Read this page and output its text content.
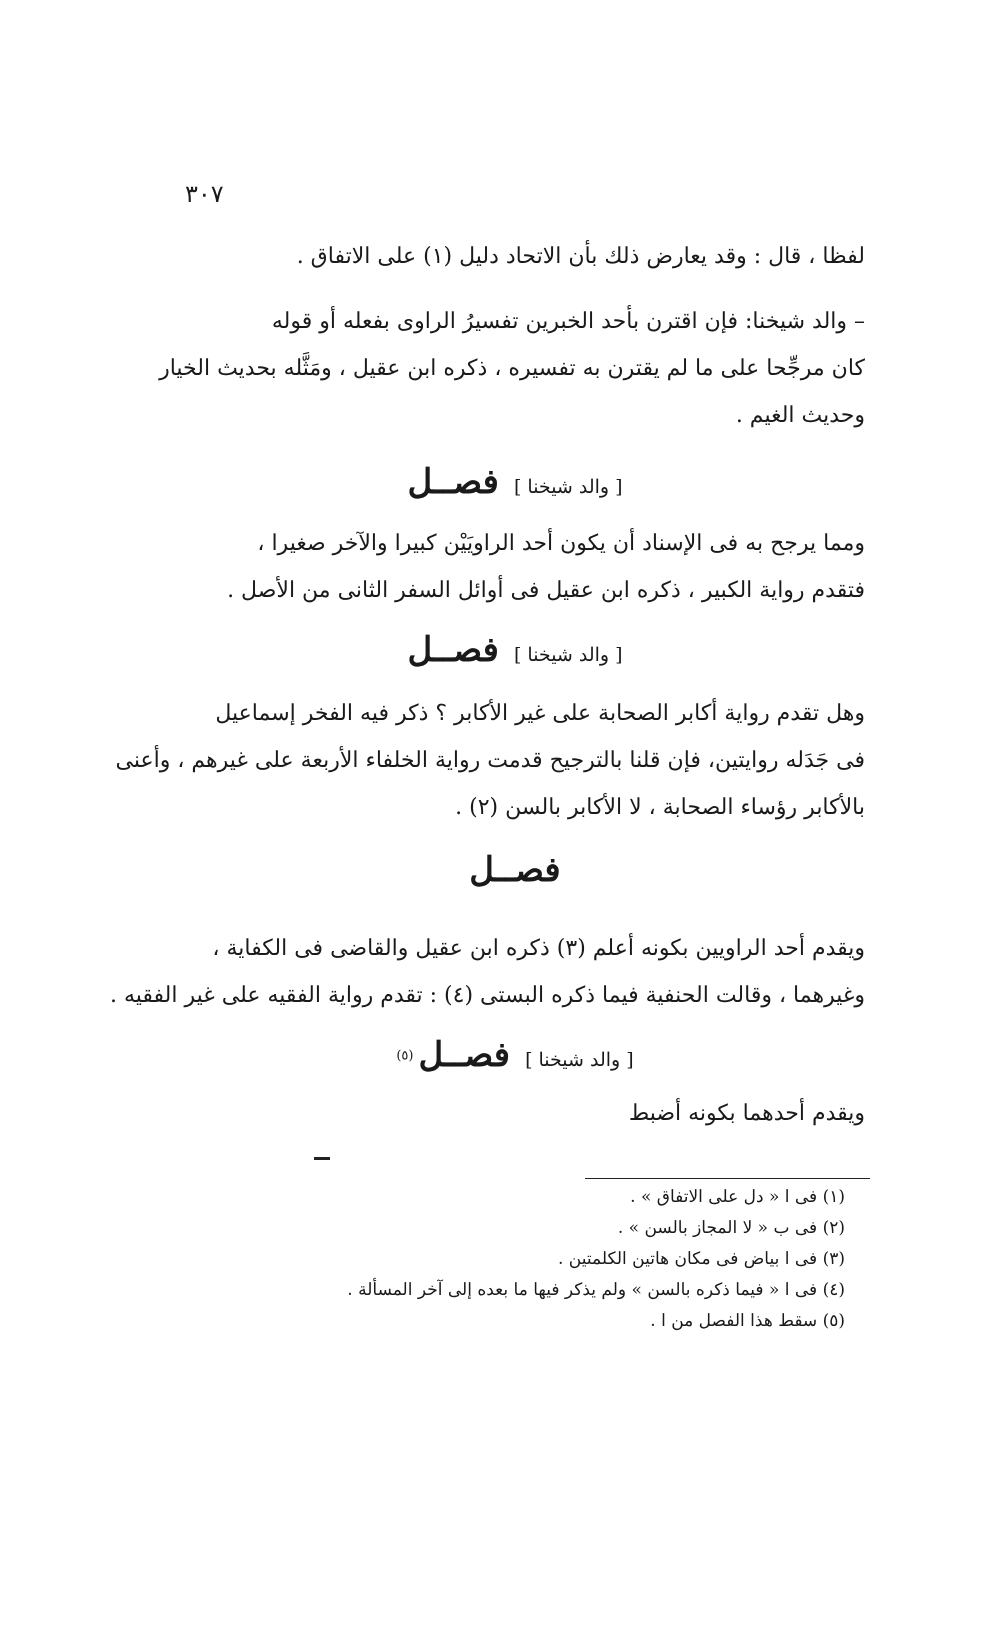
٣٠٧
لفظا ، قال : وقد يعارض ذلك بأن الاتحاد دليل (١) على الاتفاق .
– والد شيخنا: فإن اقترن بأحد الخبرين تفسيرُ الراوى بفعله أو قوله
كان مرجِّحا على ما لم يقترن به تفسيره ، ذكره ابن عقيل ، ومَثَّله بحديث الخيار
وحديث الغيم .
[ والد شيخنا ] فصــل
ومما يرجح به فى الإسناد أن يكون أحد الراويَيْن كبيرا والآخر صغيرا ،
فتقدم رواية الكبير ، ذكره ابن عقيل فى أوائل السفر الثانى من الأصل .
[ والد شيخنا ] فصــل
وهل تقدم رواية أكابر الصحابة على غير الأكابر ؟ ذكر فيه الفخر إسماعيل
فى جَدَله روايتين، فإن قلنا بالترجيح قدمت رواية الخلفاء الأربعة على غيرهم ، وأعنى
بالأكابر رؤساء الصحابة ، لا الأكابر بالسن (٢) .
فصــل
ويقدم أحد الراويين بكونه أعلم (٣) ذكره ابن عقيل والقاضى فى الكفاية ،
وغيرهما ، وقالت الحنفية فيما ذكره البستى (٤) : تقدم رواية الفقيه على غير الفقيه .
[ والد شيخنا ] فصــل $^{(٥)}$
ويقدم أحدهما بكونه أضبط
(١) فى ا « دل على الاتفاق » .
(٢) فى ب « لا المجاز بالسن » .
(٣) فى ا بياض فى مكان هاتين الكلمتين .
(٤) فى ا « فيما ذكره بالسن » ولم يذكر فيها ما بعده إلى آخر المسألة .
(٥) سقط هذا الفصل من ا .
